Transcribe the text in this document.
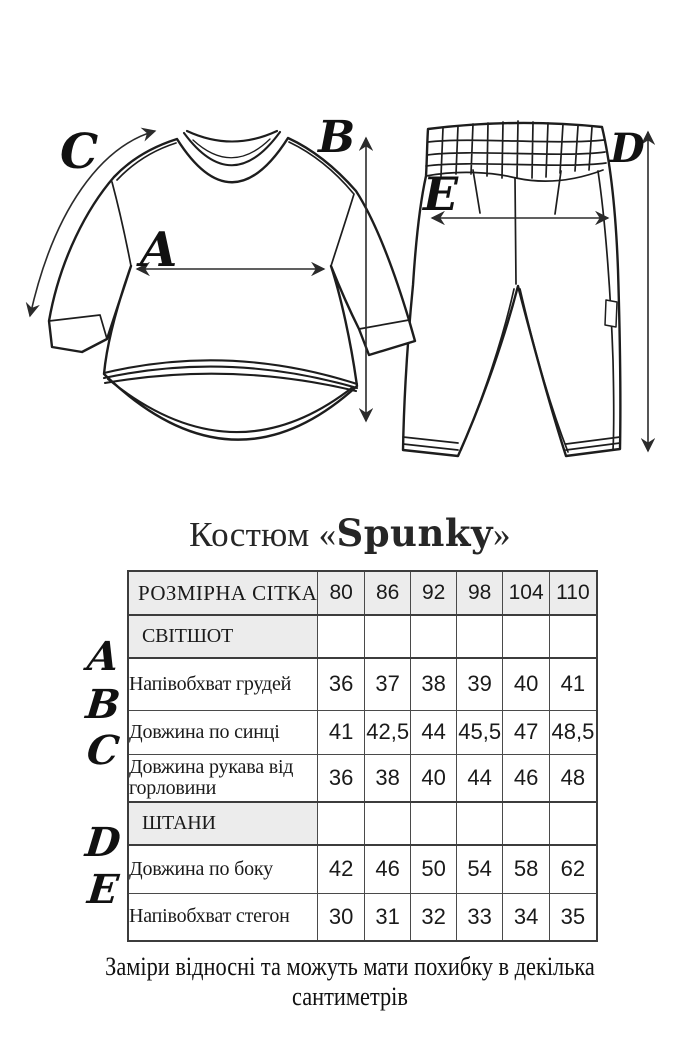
C	B
A
D
E
Костюм «Spunky»
A
B
C
D
E
РОЗМІРНА СІТКА	80	86	92	98	104	110
СВІТШОТ						
Напівобхват грудей	36	37	38	39	40	41
Довжина по синці	41	42,5	44	45,5	47	48,5
Довжина рукава від горловини	36	38	40	44	46	48
ШТАНИ						
Довжина по боку	42	46	50	54	58	62
Напівобхват стегон	30	31	32	33	34	35
Заміри відносні та можуть мати похибку в декілька сантиметрів
